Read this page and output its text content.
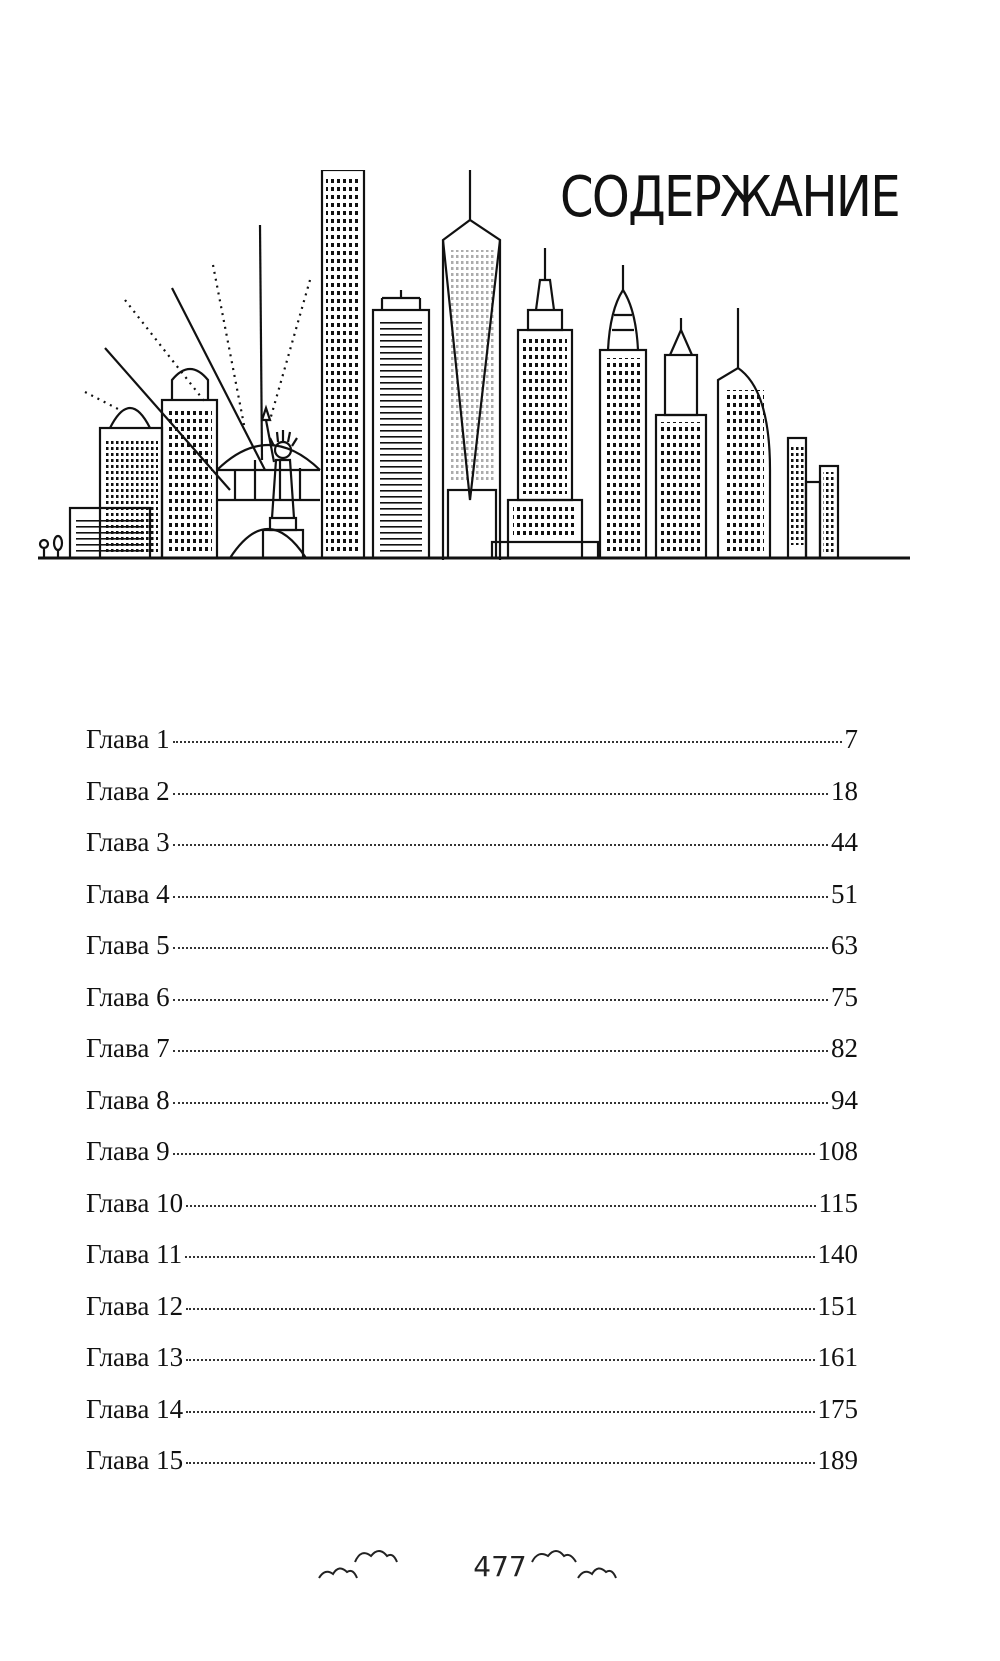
СОДЕРЖАНИЕ
Глава 1	7
Глава 2	18
Глава 3	44
Глава 4	51
Глава 5	63
Глава 6	75
Глава 7	82
Глава 8	94
Глава 9	108
Глава 10	115
Глава 11	140
Глава 12	151
Глава 13	161
Глава 14	175
Глава 15	189
477
